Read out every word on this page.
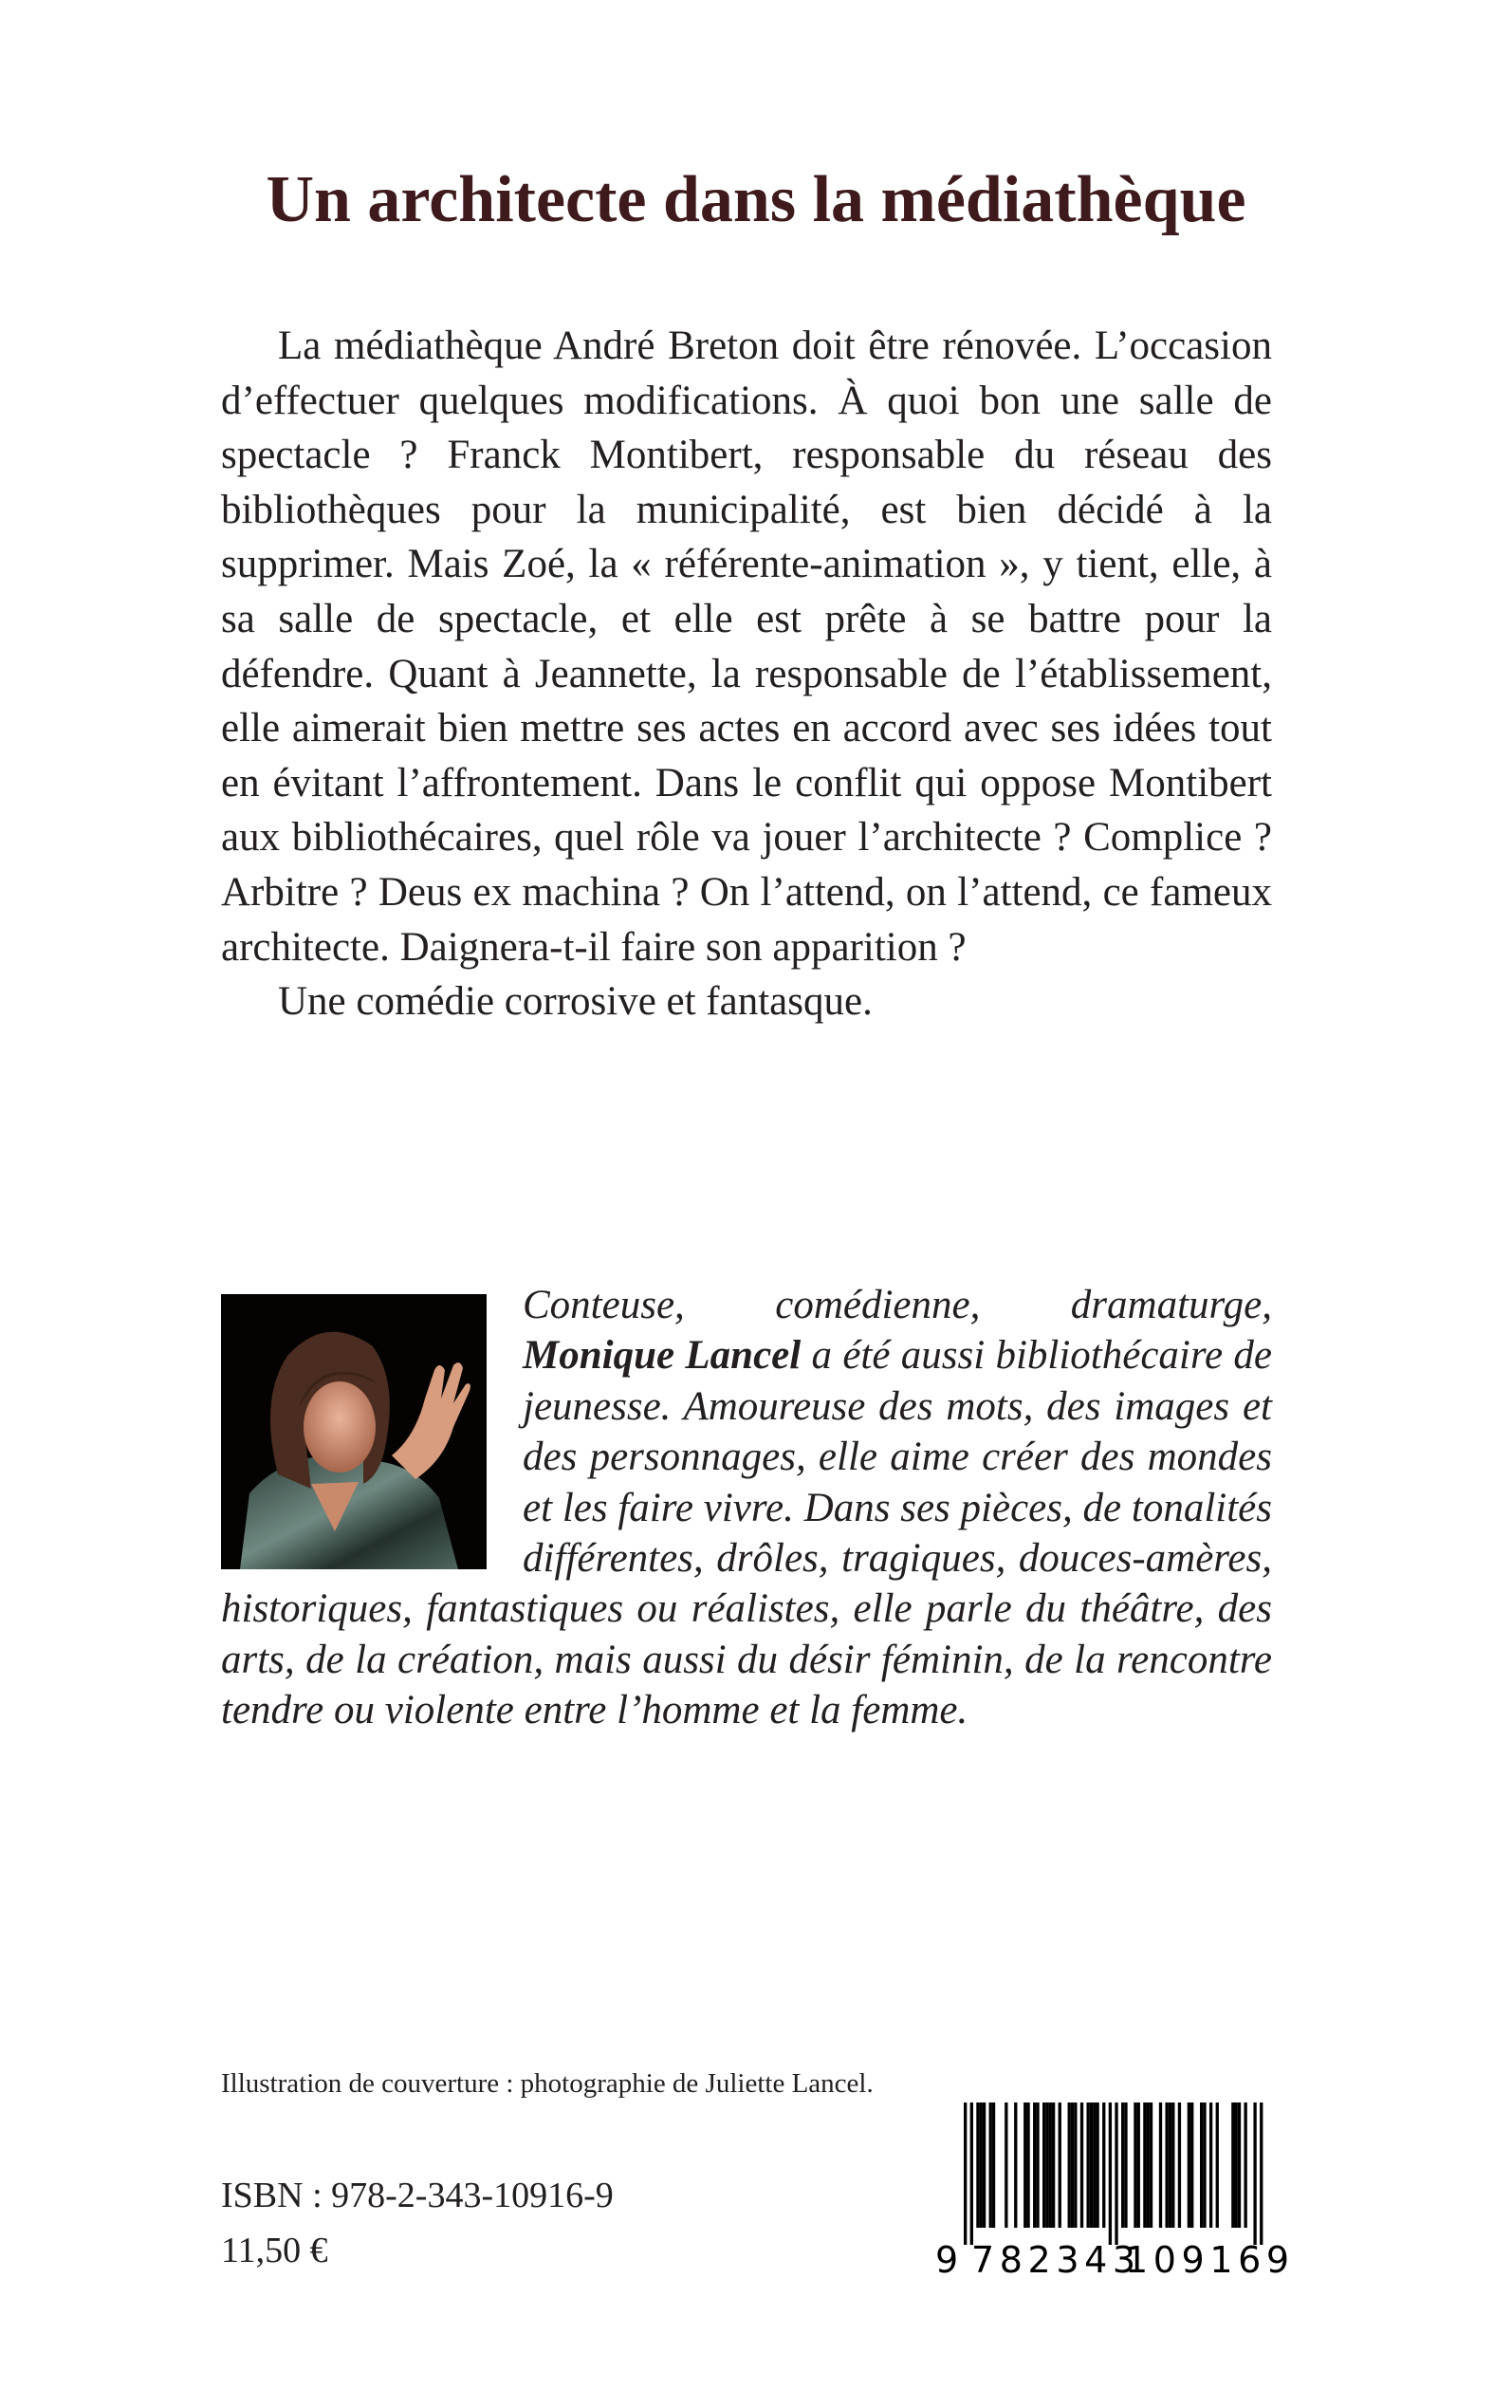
Un architecte dans la médiathèque

La médiathèque André Breton doit être rénovée. L’occasion d’effectuer quelques modifications. À quoi bon une salle de spectacle ? Franck Montibert, responsable du réseau des bibliothèques pour la municipalité, est bien décidé à la supprimer. Mais Zoé, la « référente-animation », y tient, elle, à sa salle de spectacle, et elle est prête à se battre pour la défendre. Quant à Jeannette, la responsable de l’établissement, elle aimerait bien mettre ses actes en accord avec ses idées tout en évitant l’affrontement. Dans le conflit qui oppose Montibert aux bibliothécaires, quel rôle va jouer l’architecte ? Complice ? Arbitre ? Deus ex machina ? On l’attend, on l’attend, ce fameux architecte. Daignera-t-il faire son apparition ?

Une comédie corrosive et fantasque.

Conteuse, comédienne, dramaturge, Monique Lancel a été aussi bibliothécaire de jeunesse. Amoureuse des mots, des images et des personnages, elle aime créer des mondes et les faire vivre. Dans ses pièces, de tonalités différentes, drôles, tragiques, douces-amères, historiques, fantastiques ou réalistes, elle parle du théâtre, des arts, de la création, mais aussi du désir féminin, de la rencontre tendre ou violente entre l’homme et la femme.
Illustration de couverture : photographie de Juliette Lancel.
ISBN : 978-2-343-10916-9
11,50 €	9 782343
109169
